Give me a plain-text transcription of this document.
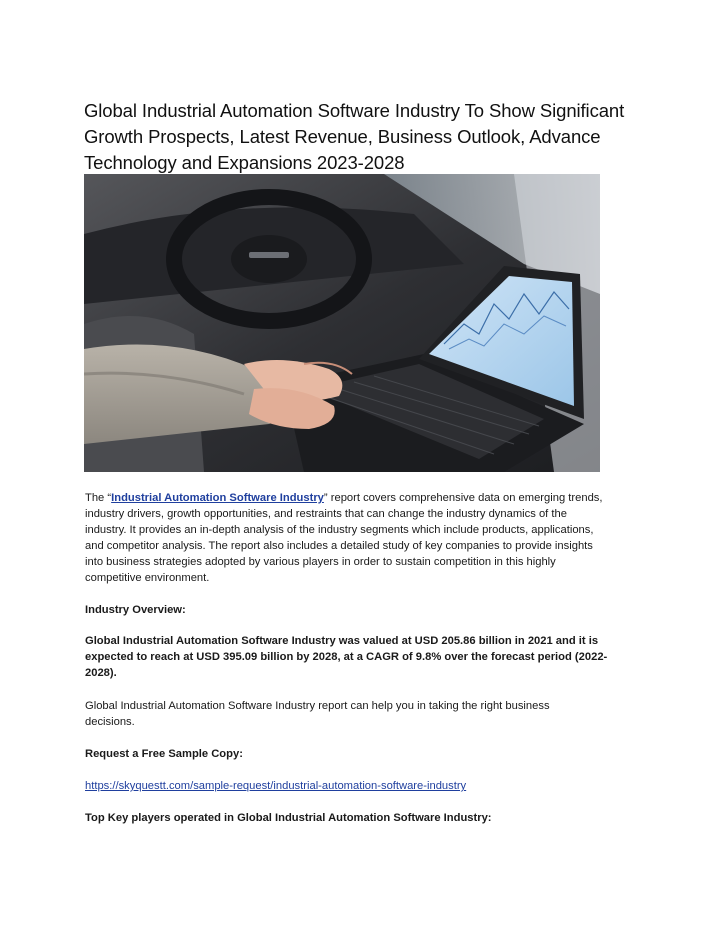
Global Industrial Automation Software Industry To Show Significant
Growth Prospects, Latest Revenue, Business Outlook, Advance
Technology and Expansions 2023-2028
The “Industrial Automation Software Industry” report covers comprehensive data on emerging trends,
industry drivers, growth opportunities, and restraints that can change the industry dynamics of the
industry. It provides an in-depth analysis of the industry segments which include products, applications,
and competitor analysis. The report also includes a detailed study of key companies to provide insights
into business strategies adopted by various players in order to sustain competition in this highly
competitive environment.
Industry Overview:
Global Industrial Automation Software Industry was valued at USD 205.86 billion in 2021 and it is
expected to reach at USD 395.09 billion by 2028, at a CAGR of 9.8% over the forecast period (2022-
2028).
Global Industrial Automation Software Industry report can help you in taking the right business
decisions.
Request a Free Sample Copy:
https://skyquestt.com/sample-request/industrial-automation-software-industry
Top Key players operated in Global Industrial Automation Software Industry:
